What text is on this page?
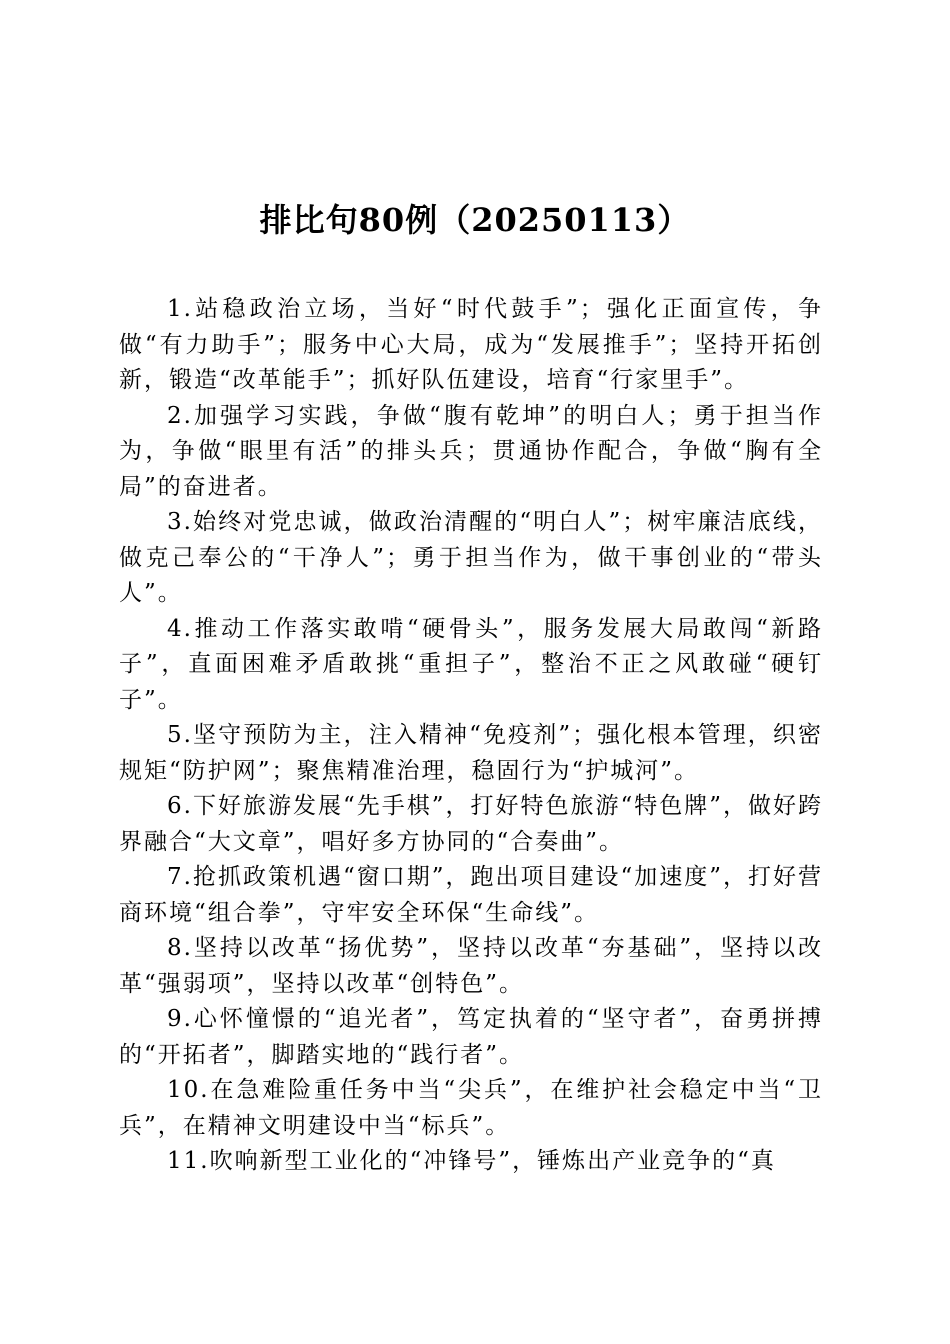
排比句80例（20250113）

1.站稳政治立场，当好“时代鼓手”；强化正面宣传，争做“有力助手”；服务中心大局，成为“发展推手”；坚持开拓创新，锻造“改革能手”；抓好队伍建设，培育“行家里手”。

2.加强学习实践，争做“腹有乾坤”的明白人；勇于担当作为，争做“眼里有活”的排头兵；贯通协作配合，争做“胸有全局”的奋进者。

3.始终对党忠诚，做政治清醒的“明白人”；树牢廉洁底线，做克己奉公的“干净人”；勇于担当作为，做干事创业的“带头人”。

4.推动工作落实敢啃“硬骨头”，服务发展大局敢闯“新路子”，直面困难矛盾敢挑“重担子”，整治不正之风敢碰“硬钉子”。

5.坚守预防为主，注入精神“免疫剂”；强化根本管理，织密规矩“防护网”；聚焦精准治理，稳固行为“护城河”。

6.下好旅游发展“先手棋”，打好特色旅游“特色牌”，做好跨界融合“大文章”，唱好多方协同的“合奏曲”。

7.抢抓政策机遇“窗口期”，跑出项目建设“加速度”，打好营商环境“组合拳”，守牢安全环保“生命线”。

8.坚持以改革“扬优势”，坚持以改革“夯基础”，坚持以改革“强弱项”，坚持以改革“创特色”。

9.心怀憧憬的“追光者”，笃定执着的“坚守者”，奋勇拼搏的“开拓者”，脚踏实地的“践行者”。

10.在急难险重任务中当“尖兵”，在维护社会稳定中当“卫兵”，在精神文明建设中当“标兵”。

11.吹响新型工业化的“冲锋号”，锤炼出产业竞争的“真
